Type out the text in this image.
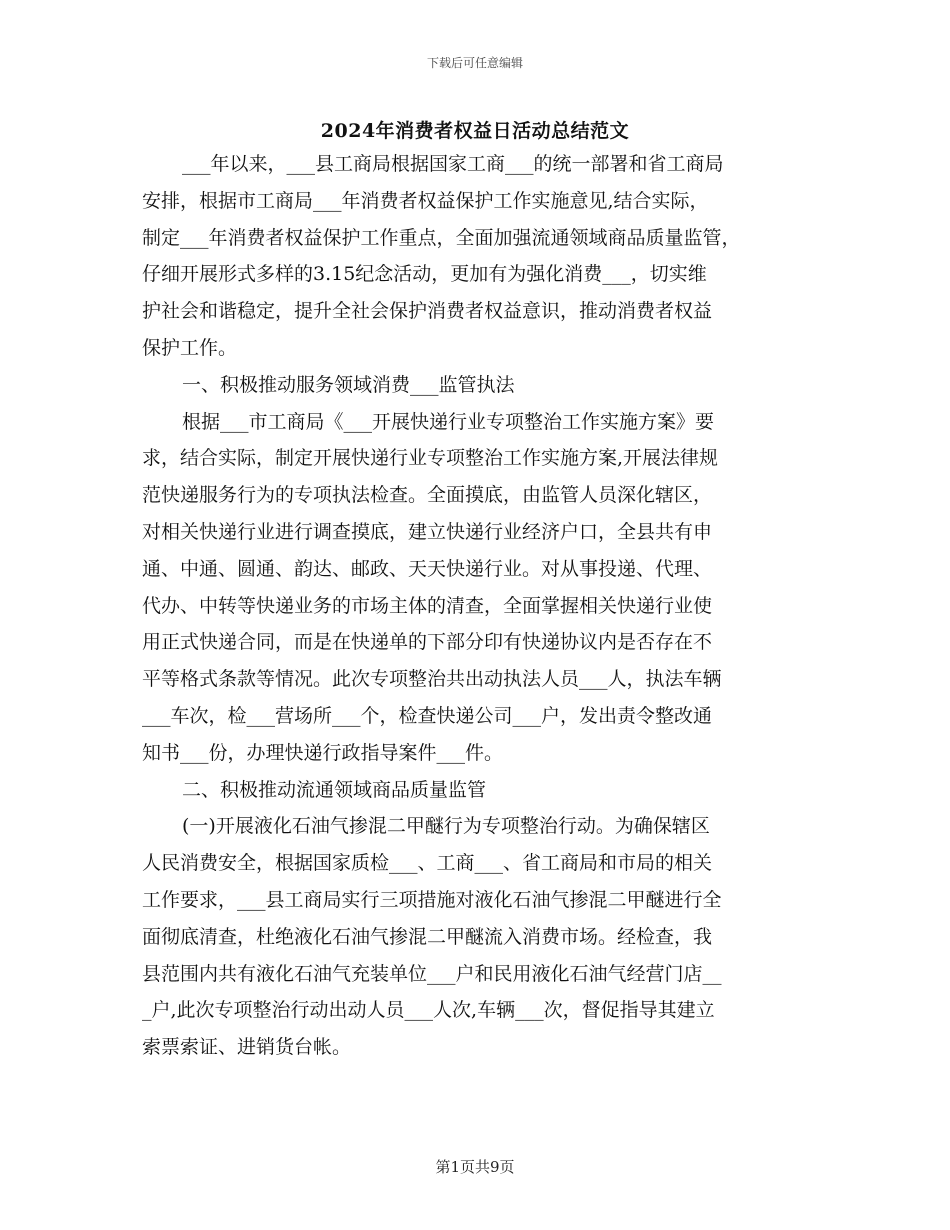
下载后可任意编辑
2024年消费者权益日活动总结范文
___年以来，___县工商局根据国家工商___的统一部署和省工商局
安排，根据市工商局___年消费者权益保护工作实施意见,结合实际，
制定___年消费者权益保护工作重点，全面加强流通领域商品质量监管，
仔细开展形式多样的3.15纪念活动，更加有为强化消费___，切实维
护社会和谐稳定，提升全社会保护消费者权益意识，推动消费者权益
保护工作。
一、积极推动服务领域消费___监管执法
根据___市工商局《___开展快递行业专项整治工作实施方案》要
求，结合实际，制定开展快递行业专项整治工作实施方案,开展法律规
范快递服务行为的专项执法检查。全面摸底，由监管人员深化辖区，
对相关快递行业进行调查摸底，建立快递行业经济户口，全县共有申
通、中通、圆通、韵达、邮政、天天快递行业。对从事投递、代理、
代办、中转等快递业务的市场主体的清查，全面掌握相关快递行业使
用正式快递合同，而是在快递单的下部分印有快递协议内是否存在不
平等格式条款等情况。此次专项整治共出动执法人员___人，执法车辆
___车次，检___营场所___个，检查快递公司___户，发出责令整改通
知书___份，办理快递行政指导案件___件。
二、积极推动流通领域商品质量监管
(一)开展液化石油气掺混二甲醚行为专项整治行动。为确保辖区
人民消费安全，根据国家质检___、工商___、省工商局和市局的相关
工作要求，___县工商局实行三项措施对液化石油气掺混二甲醚进行全
面彻底清查，杜绝液化石油气掺混二甲醚流入消费市场。经检查，我
县范围内共有液化石油气充装单位___户和民用液化石油气经营门店__
_户,此次专项整治行动出动人员___人次,车辆___次，督促指导其建立
索票索证、进销货台帐。
第1页共9页
